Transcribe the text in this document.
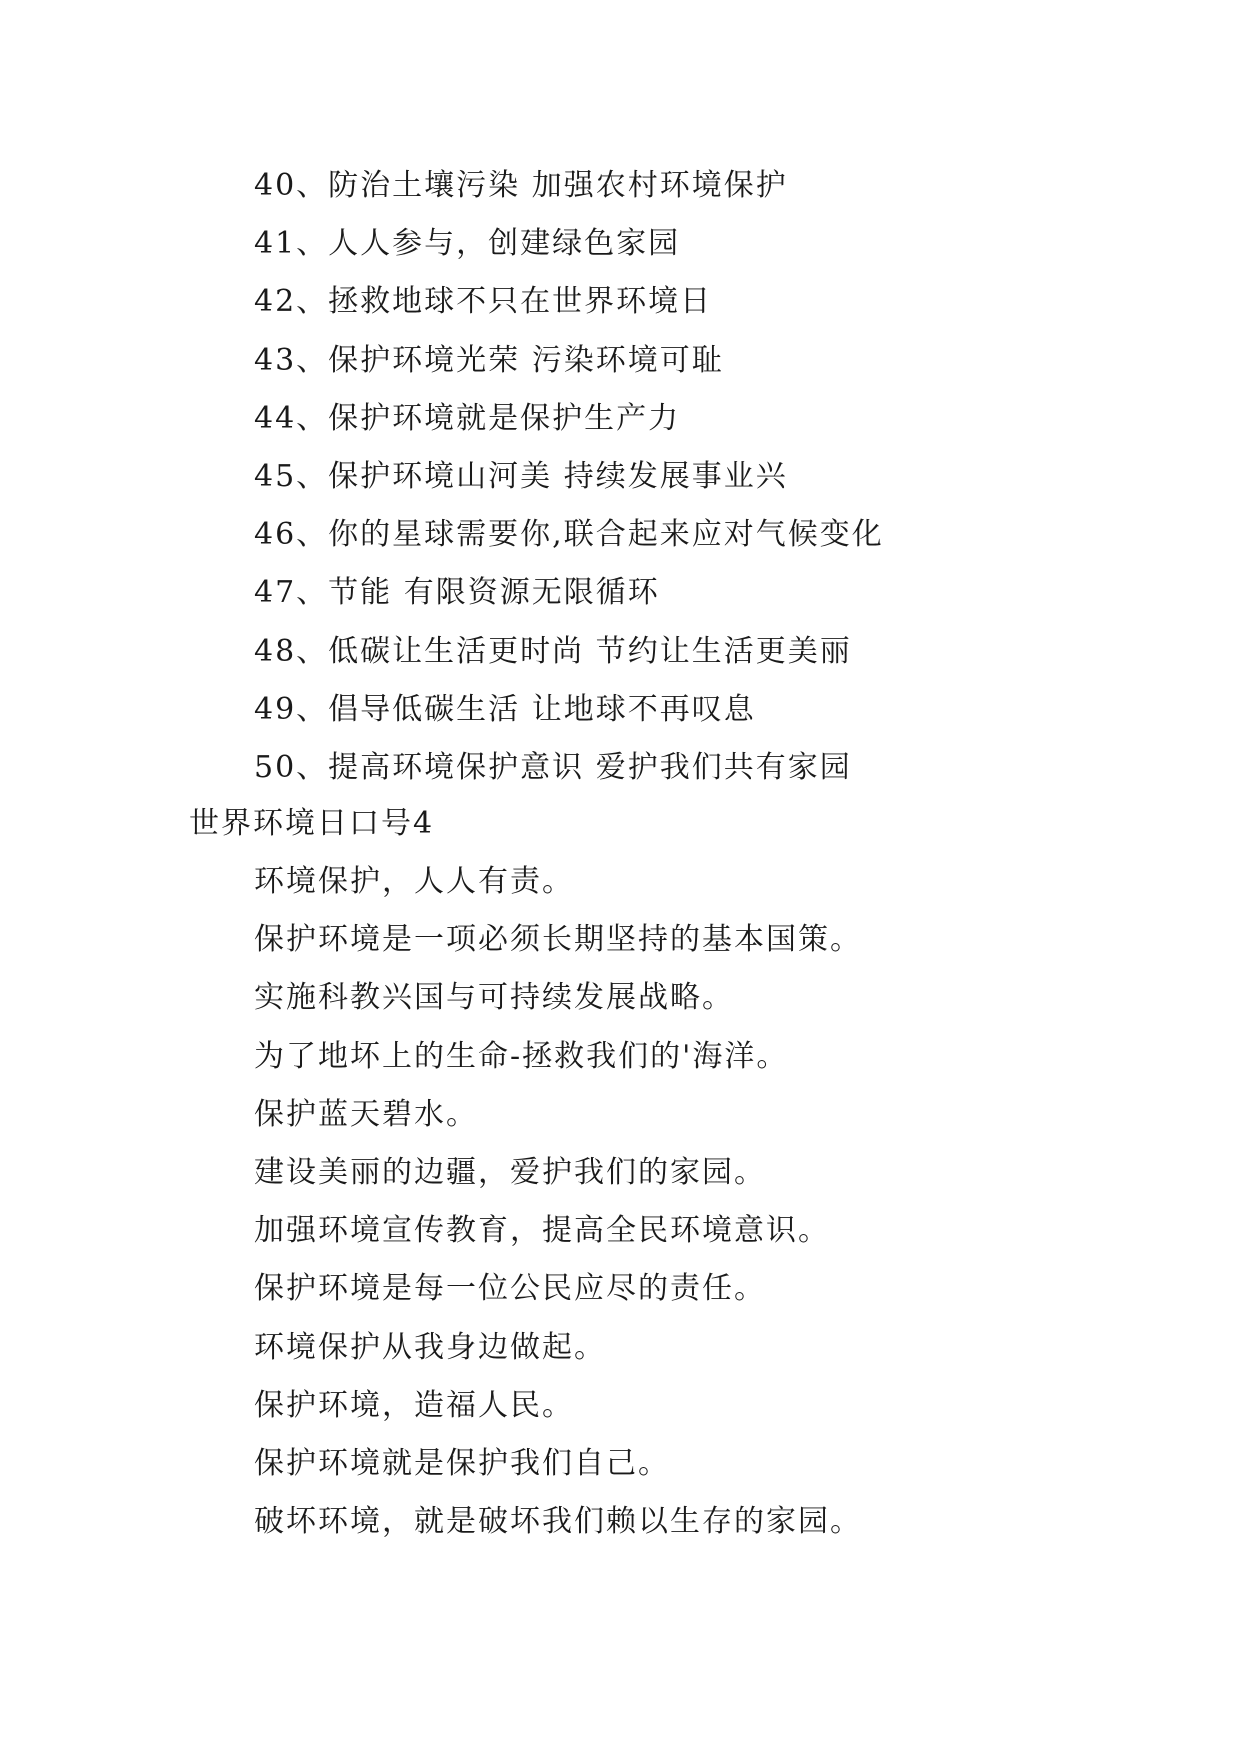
40、防治土壤污染 加强农村环境保护
41、人人参与，创建绿色家园
42、拯救地球不只在世界环境日
43、保护环境光荣 污染环境可耻
44、保护环境就是保护生产力
45、保护环境山河美 持续发展事业兴
46、你的星球需要你,联合起来应对气候变化
47、节能 有限资源无限循环
48、低碳让生活更时尚 节约让生活更美丽
49、倡导低碳生活 让地球不再叹息
50、提高环境保护意识 爱护我们共有家园
世界环境日口号4
环境保护，人人有责。
保护环境是一项必须长期坚持的基本国策。
实施科教兴国与可持续发展战略。
为了地坏上的生命-拯救我们的'海洋。
保护蓝天碧水。
建设美丽的边疆，爱护我们的家园。
加强环境宣传教育，提高全民环境意识。
保护环境是每一位公民应尽的责任。
环境保护从我身边做起。
保护环境，造福人民。
保护环境就是保护我们自己。
破坏环境，就是破坏我们赖以生存的家园。
